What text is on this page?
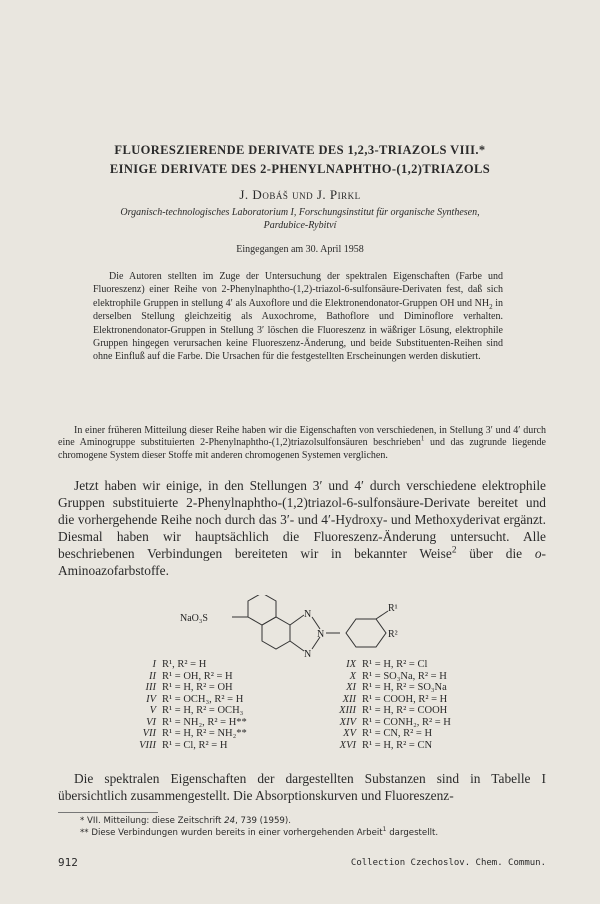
FLUORESZIERENDE DERIVATE DES 1,2,3-TRIAZOLS VIII.*
EINIGE DERIVATE DES 2-PHENYLNAPHTHO-(1,2)TRIAZOLS
J. Dobáš und J. Pirkl
Organisch-technologisches Laboratorium I, Forschungsinstitut für organische Synthesen,
Pardubice-Rybitví
Eingegangen am 30. April 1958
Die Autoren stellten im Zuge der Untersuchung der spektralen Eigenschaften (Farbe und Fluoreszenz) einer Reihe von 2-Phenylnaphtho-(1,2)-triazol-6-sulfonsäure-Derivaten fest, daß sich elektrophile Gruppen in stellung 4′ als Auxoflore und die Elektronendonator-Gruppen OH und $NH_2$ in derselben Stellung gleichzeitig als Auxochrome, Bathoflore und Diminoflore verhalten. Elektronendonator-Gruppen in Stellung 3′ löschen die Fluoreszenz in wäßriger Lösung, elektrophile Gruppen hingegen verursachen keine Fluoreszenz-Änderung, und beide Substituenten-Reihen sind ohne Einfluß auf die Farbe. Die Ursachen für die festgestellten Erscheinungen werden diskutiert.
In einer früheren Mitteilung dieser Reihe haben wir die Eigenschaften von verschiedenen, in Stellung 3′ und 4′ durch eine Aminogruppe substituierten 2-Phenylnaphtho-(1,2)triazolsulfonsäuren beschrieben$^1$ und das zugrunde liegende chromogene System dieser Stoffe mit anderen chromogenen Systemen verglichen.
Jetzt haben wir einige, in den Stellungen 3′ und 4′ durch verschiedene elektrophile Gruppen substituierte 2-Phenylnaphtho-(1,2)triazol-6-sulfonsäure-Derivate bereitet und die vorhergehende Reihe noch durch das 3′- und 4′-Hydroxy- und Methoxyderivat ergänzt. Diesmal haben wir hauptsächlich die Fluoreszenz-Änderung untersucht. Alle beschriebenen Verbindungen bereiteten wir in bekannter Weise$^2$ über die o-Aminoazofarbstoffe.
NaO₃S	N
N
N
R¹
R²
I R¹, R² = H
II R¹ = OH, R² = H
III R¹ = H, R² = OH
IV R¹ = OCH₃, R² = H
V R¹ = H, R² = OCH₃
VI R¹ = NH₂, R² = H**
VII R¹ = H, R² = NH₂**
VIII R¹ = Cl, R² = H
IX R¹ = H, R² = Cl
X R¹ = SO₃Na, R² = H
XI R¹ = H, R² = SO₃Na
XII R¹ = COOH, R² = H
XIII R¹ = H, R² = COOH
XIV R¹ = CONH₂, R² = H
XV R¹ = CN, R² = H
XVI R¹ = H, R² = CN
Die spektralen Eigenschaften der dargestellten Substanzen sind in Tabelle I übersichtlich zusammengestellt. Die Absorptionskurven und Fluoreszenz-
* VII. Mitteilung: diese Zeitschrift 24, 739 (1959).
** Diese Verbindungen wurden bereits in einer vorhergehenden Arbeit$^1$ dargestellt.
912	Collection Czechoslov. Chem. Commun.
